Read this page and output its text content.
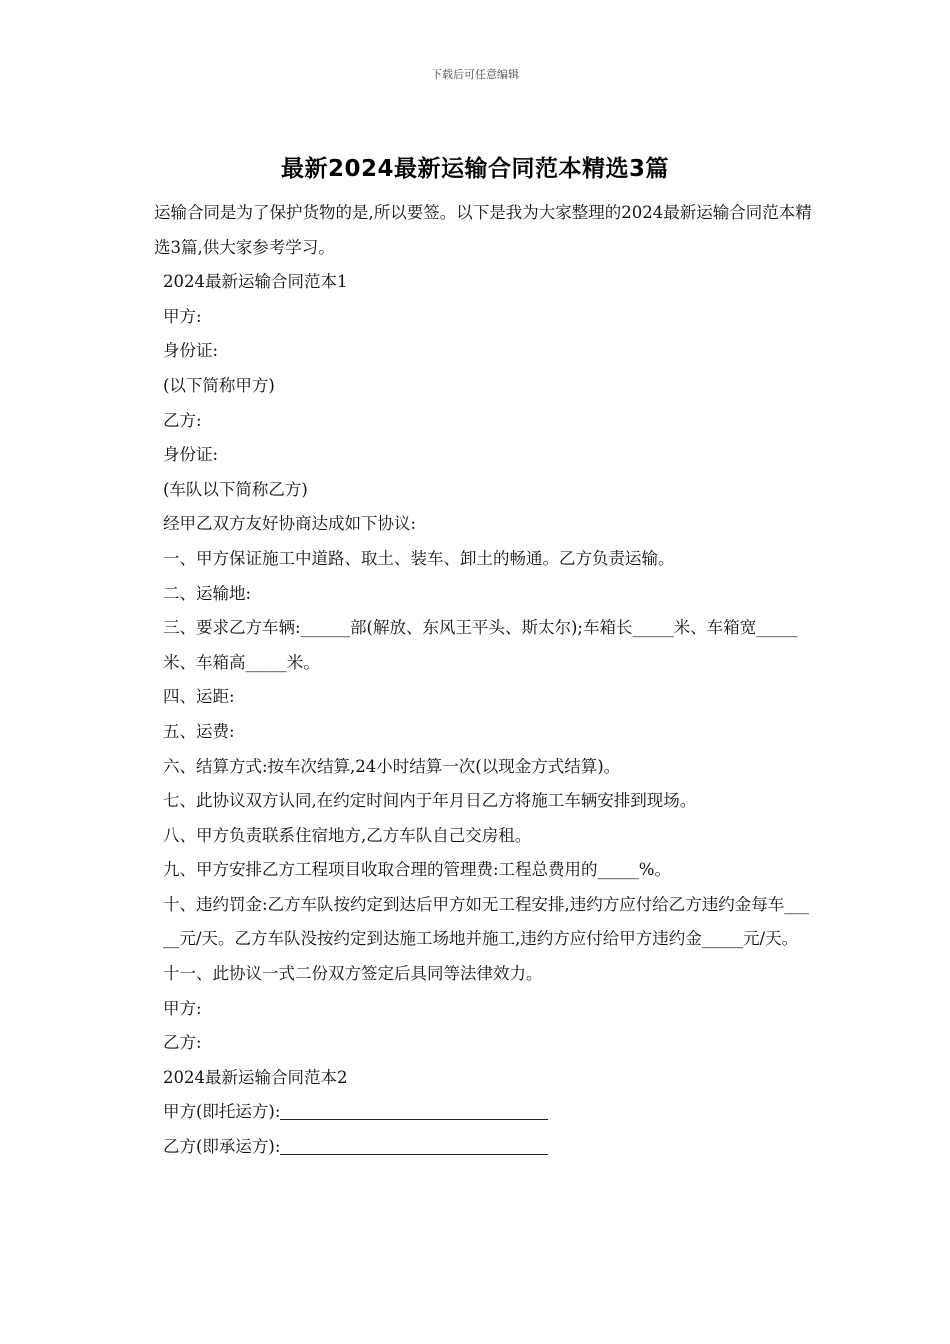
下载后可任意编辑
最新2024最新运输合同范本精选3篇

运输合同是为了保护货物的是,所以要签。以下是我为大家整理的2024最新运输合同范本精选3篇,供大家参考学习。

2024最新运输合同范本1

甲方:

身份证:

(以下简称甲方)

乙方:

身份证:

(车队以下简称乙方)

经甲乙双方友好协商达成如下协议:

一、甲方保证施工中道路、取土、装车、卸土的畅通。乙方负责运输。

二、运输地:

三、要求乙方车辆:______部(解放、东风王平头、斯太尔);车箱长_____米、车箱宽_____米、车箱高_____米。

四、运距:

五、运费:

六、结算方式:按车次结算,24小时结算一次(以现金方式结算)。

七、此协议双方认同,在约定时间内于年月日乙方将施工车辆安排到现场。

八、甲方负责联系住宿地方,乙方车队自己交房租。

九、甲方安排乙方工程项目收取合理的管理费:工程总费用的_____%。

十、违约罚金:乙方车队按约定到达后甲方如无工程安排,违约方应付给乙方违约金每车_____元/天。乙方车队没按约定到达施工场地并施工,违约方应付给甲方违约金_____元/天。

十一、此协议一式二份双方签定后具同等法律效力。

甲方:

乙方:

2024最新运输合同范本2

甲方(即托运方):

乙方(即承运方):
